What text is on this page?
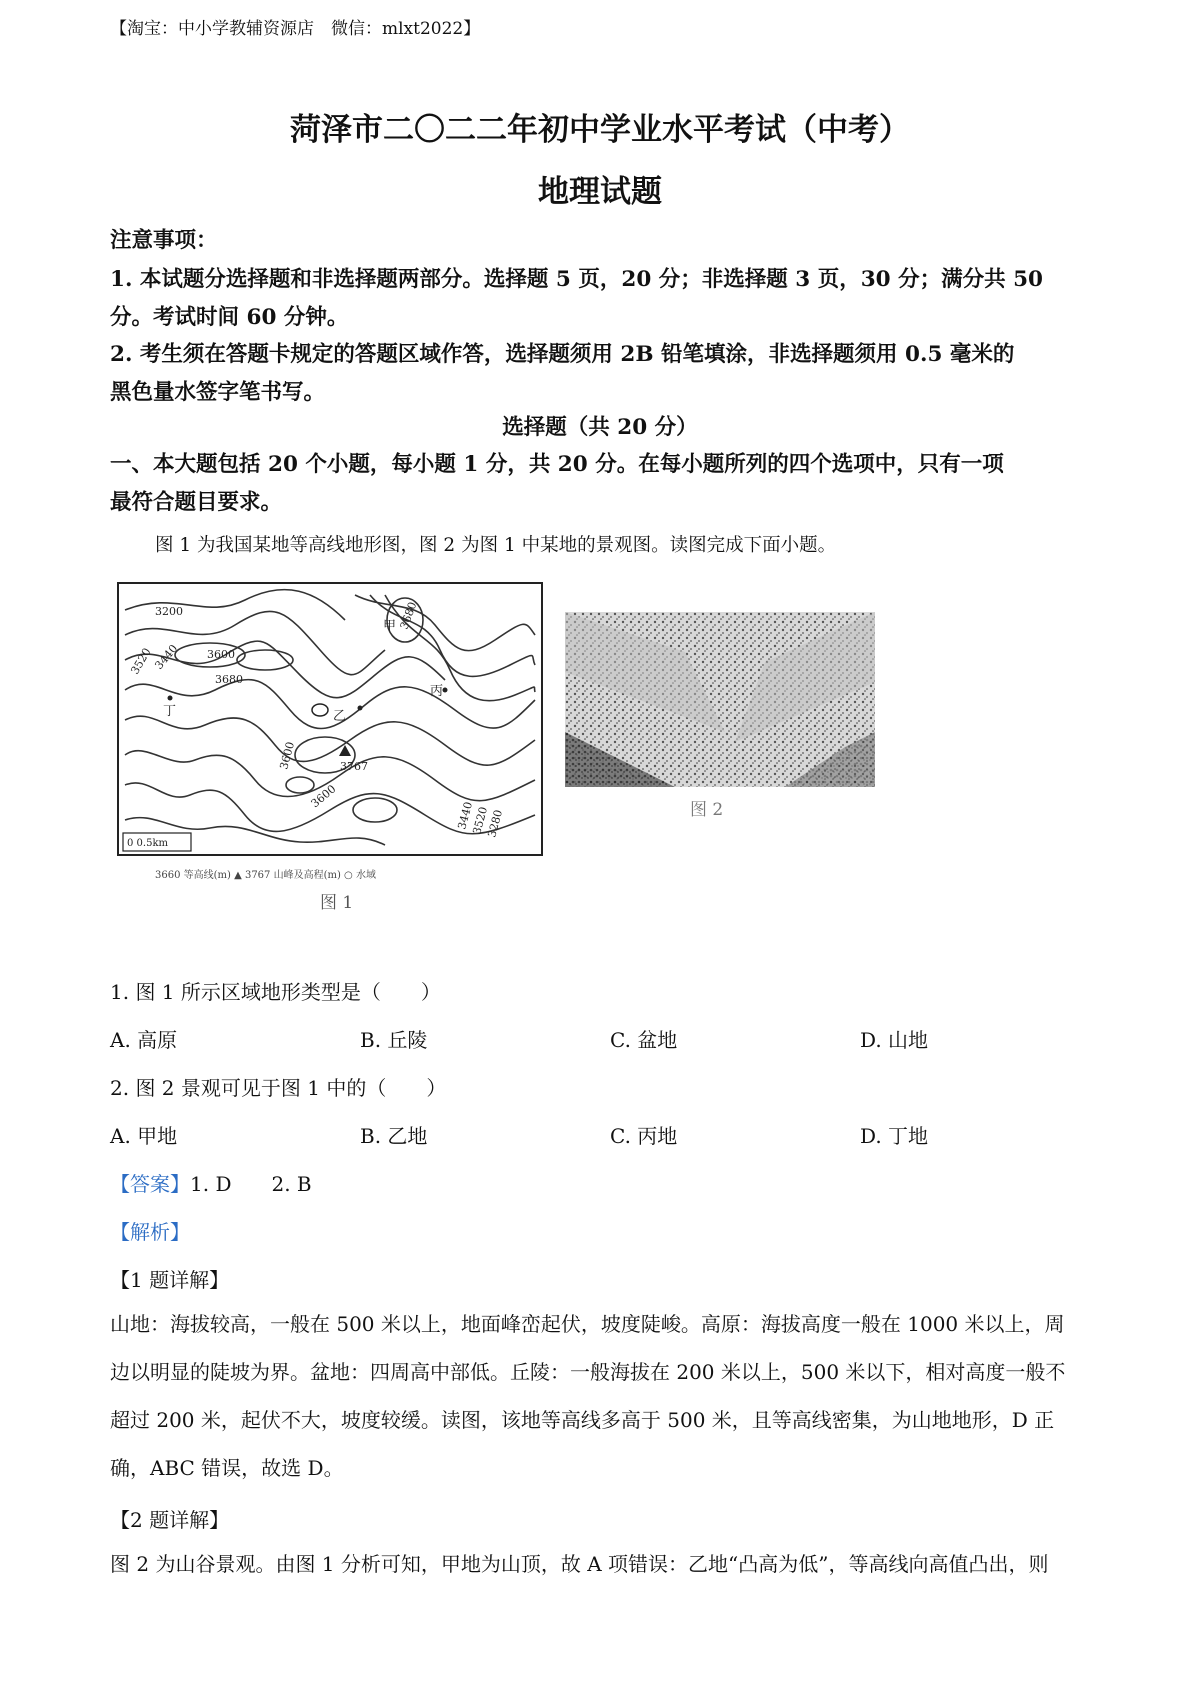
【淘宝：中小学教辅资源店　微信：mlxt2022】
菏泽市二〇二二年初中学业水平考试（中考）
地理试题
注意事项：
1. 本试题分选择题和非选择题两部分。选择题 5 页，20 分；非选择题 3 页，30 分；满分共 50
分。考试时间 60 分钟。
2. 考生须在答题卡规定的答题区域作答，选择题须用 2B 铅笔填涂，非选择题须用 0.5 毫米的
黑色量水签字笔书写。
选择题（共 20 分）
一、本大题包括 20 个小题，每小题 1 分，共 20 分。在每小题所列的四个选项中，只有一项
最符合题目要求。
图 1 为我国某地等高线地形图，图 2 为图 1 中某地的景观图。读图完成下面小题。
3200
3520
3440 3600
3680
3767
3600
3600
3440
3520
3280
3680
甲
乙
丙
丁
0 0.5km
3660 等高线(m) ▲ 3767 山峰及高程(m) ○ 水域
图 1
图 2
1. 图 1 所示区域地形类型是（　　）
A. 高原	B. 丘陵	C. 盆地	D. 山地
2. 图 2 景观可见于图 1 中的（　　）
A. 甲地	B. 乙地	C. 丙地	D. 丁地
【答案】1. D　　2. B
【解析】
【1 题详解】
山地：海拔较高，一般在 500 米以上，地面峰峦起伏，坡度陡峻。高原：海拔高度一般在 1000 米以上，周
边以明显的陡坡为界。盆地：四周高中部低。丘陵：一般海拔在 200 米以上，500 米以下，相对高度一般不
超过 200 米，起伏不大，坡度较缓。读图，该地等高线多高于 500 米，且等高线密集，为山地地形，D 正
确，ABC 错误，故选 D。
【2 题详解】
图 2 为山谷景观。由图 1 分析可知，甲地为山顶，故 A 项错误：乙地“凸高为低”，等高线向高值凸出，则
